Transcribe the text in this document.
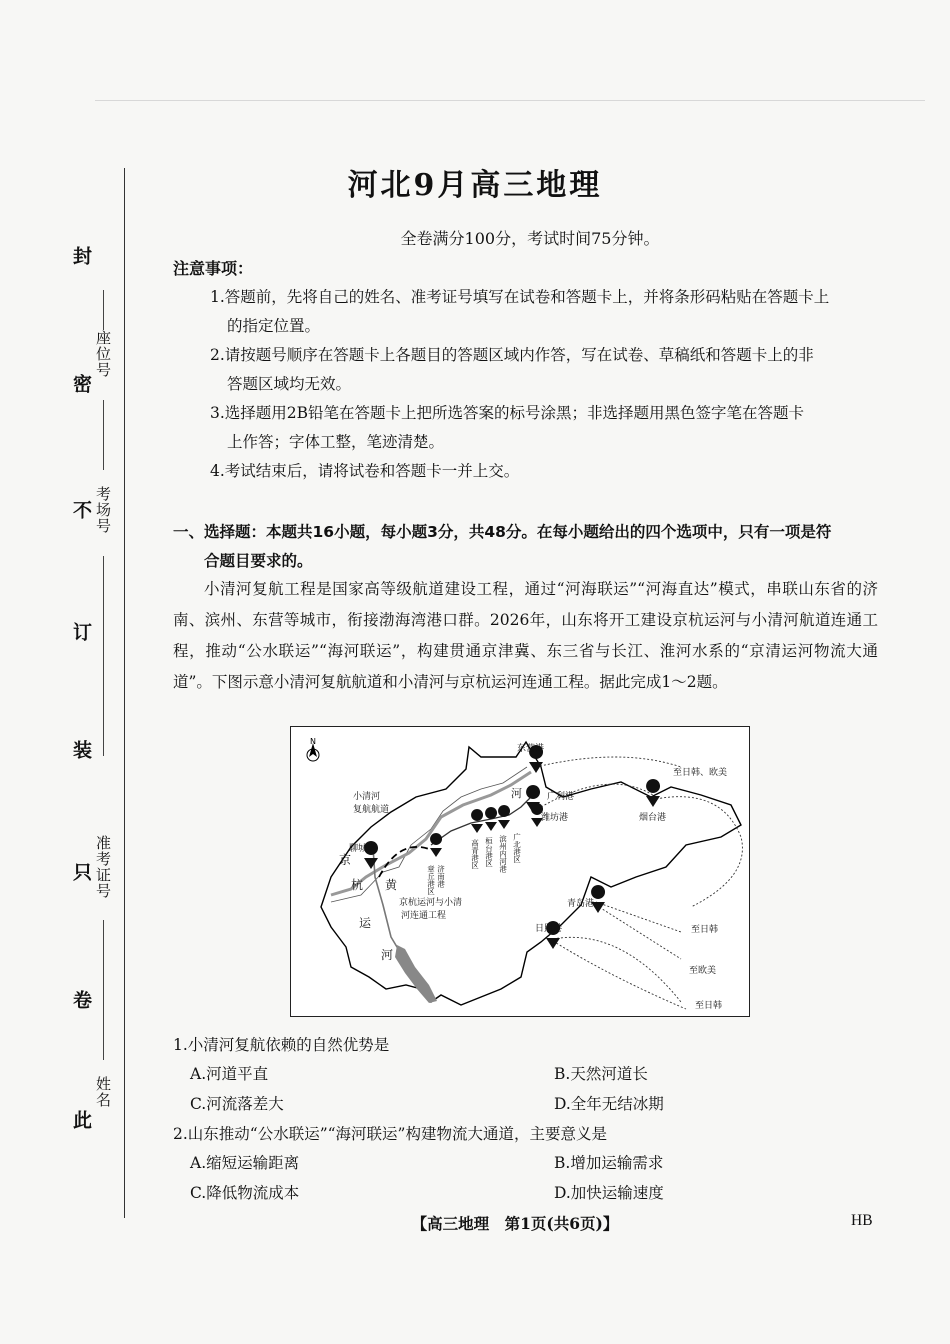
封
密
不
订
装
只
卷
此
座位号
考场号
准考证号
姓名
河北9月高三地理
全卷满分100分，考试时间75分钟。
注意事项：
1.答题前，先将自己的姓名、准考证号填写在试卷和答题卡上，并将条形码粘贴在答题卡上
的指定位置。
2.请按题号顺序在答题卡上各题目的答题区域内作答，写在试卷、草稿纸和答题卡上的非
答题区域均无效。
3.选择题用2B铅笔在答题卡上把所选答案的标号涂黑；非选择题用黑色签字笔在答题卡
上作答；字体工整，笔迹清楚。
4.考试结束后，请将试卷和答题卡一并上交。
一、选择题：本题共16小题，每小题3分，共48分。在每小题给出的四个选项中，只有一项是符
合题目要求的。

小清河复航工程是国家高等级航道建设工程，通过“河海联运”“河海直达”模式，串联山东省的济南、滨州、东营等城市，衔接渤海湾港口群。2026年，山东将开工建设京杭运河与小清河航道连通工程，推动“公水联运”“海河联运”，构建贯通京津冀、东三省与长江、淮河水系的“京清运河物流大通道”。下图示意小清河复航航道和小清河与京杭运河连通工程。据此完成1～2题。

N
东营港
至日韩、欧美
小清河
复航航道
河	广利港
潍坊港	烟台港
聊城港
京
杭 黄
运
河
京杭运河与小清
河连通工程
青岛港
日照港	至日韩
至欧美
至日韩
章丘港区 济南港
高青港区 桓台港区 滨州内河港 广北港区
1.小清河复航依赖的自然优势是
A.河道平直	B.天然河道长
C.河流落差大	D.全年无结冰期
2.山东推动“公水联运”“海河联运”构建物流大通道，主要意义是
A.缩短运输距离	B.增加运输需求
C.降低物流成本	D.加快运输速度
【高三地理　第1页(共6页)】	HB
